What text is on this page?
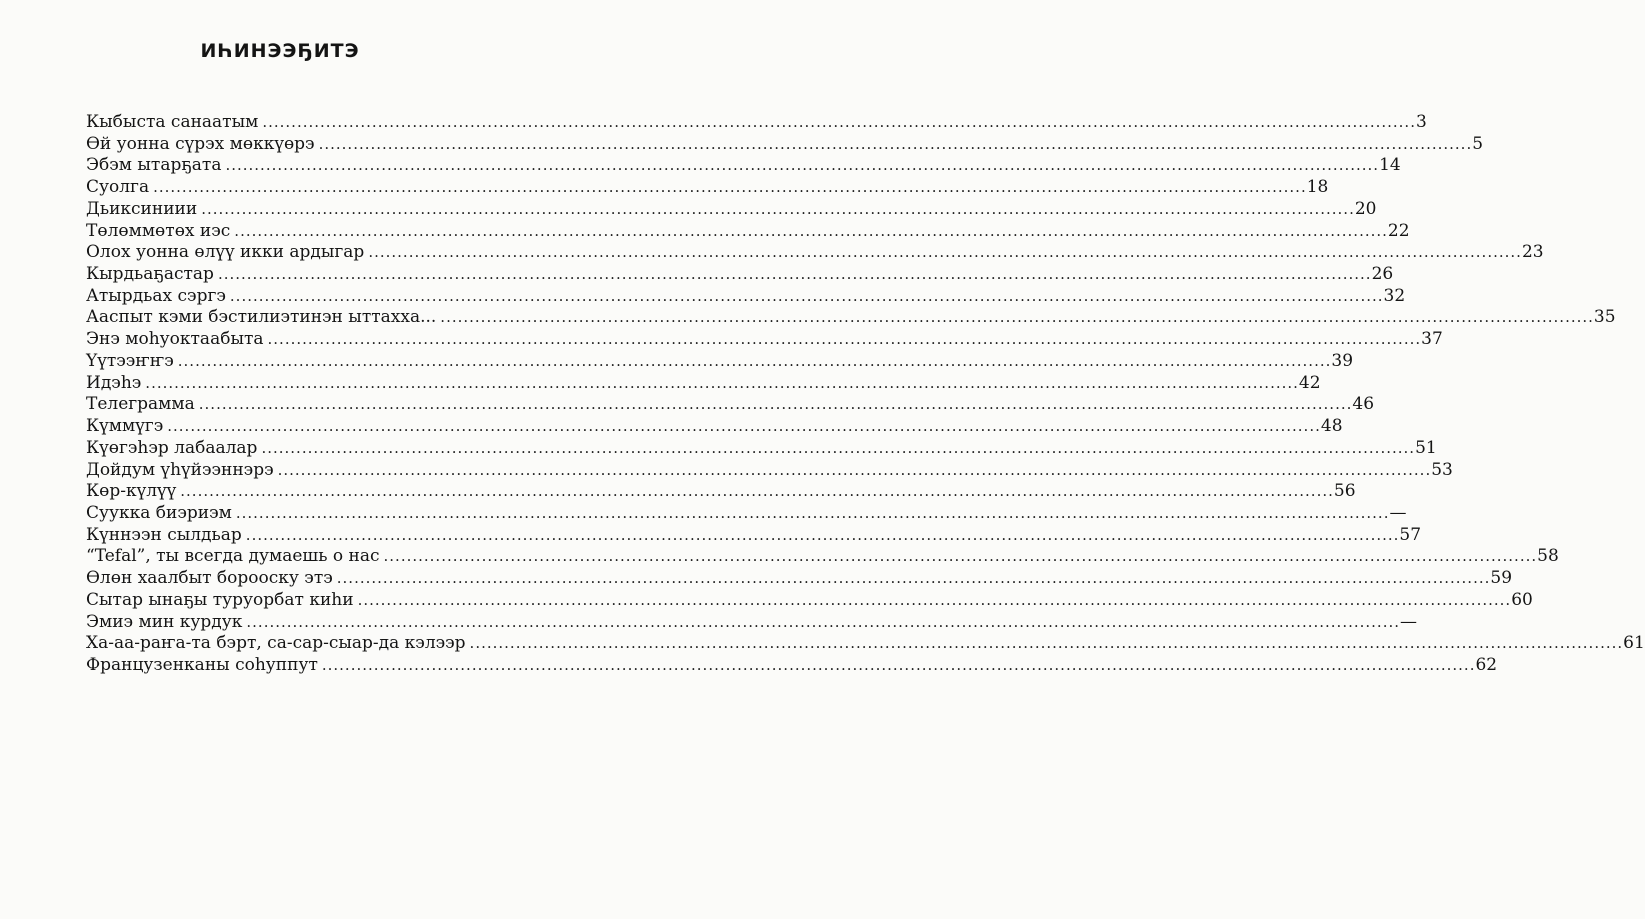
ИҺИНЭЭҔИТЭ
Кыбыста санаатым ........................................................................................................................................................................................................ 3
Өй уонна сүрэх мөккүөрэ ........................................................................................................................................................................................................ 5
Эбэм ытарҕата ........................................................................................................................................................................................................ 14
Суолга ........................................................................................................................................................................................................ 18
Дьиксиниии ........................................................................................................................................................................................................ 20
Төлөммөтөх иэс ........................................................................................................................................................................................................ 22
Олох уонна өлүү икки ардыгар ........................................................................................................................................................................................................ 23
Кырдьаҕастар ........................................................................................................................................................................................................ 26
Атырдьах сэргэ ........................................................................................................................................................................................................ 32
Ааспыт кэми бэстилиэтинэн ыттахха... ........................................................................................................................................................................................................ 35
Энэ моһуоктаабыта ........................................................................................................................................................................................................ 37
Үүтээҥҥэ ........................................................................................................................................................................................................ 39
Идэһэ ........................................................................................................................................................................................................ 42
Телеграмма ........................................................................................................................................................................................................ 46
Күммүгэ ........................................................................................................................................................................................................ 48
Күөгэһэр лабаалар ........................................................................................................................................................................................................ 51
Дойдум үһүйээннэрэ ........................................................................................................................................................................................................ 53
Көр-күлүү ........................................................................................................................................................................................................ 56
Суукка биэриэм ........................................................................................................................................................................................................ —
Күннээн сылдьар ........................................................................................................................................................................................................ 57
“Tefal”, ты всегда думаешь о нас ........................................................................................................................................................................................................ 58
Өлөн хаалбыт борооску этэ ........................................................................................................................................................................................................ 59
Сытар ынаҕы туруорбат киһи ........................................................................................................................................................................................................ 60
Эмиэ мин курдук ........................................................................................................................................................................................................ —
Ха-аа-раҥа-та бэрт, са-сар-сыар-да кэлээр ........................................................................................................................................................................................................ 61
Французенканы соһуппут ........................................................................................................................................................................................................ 62
